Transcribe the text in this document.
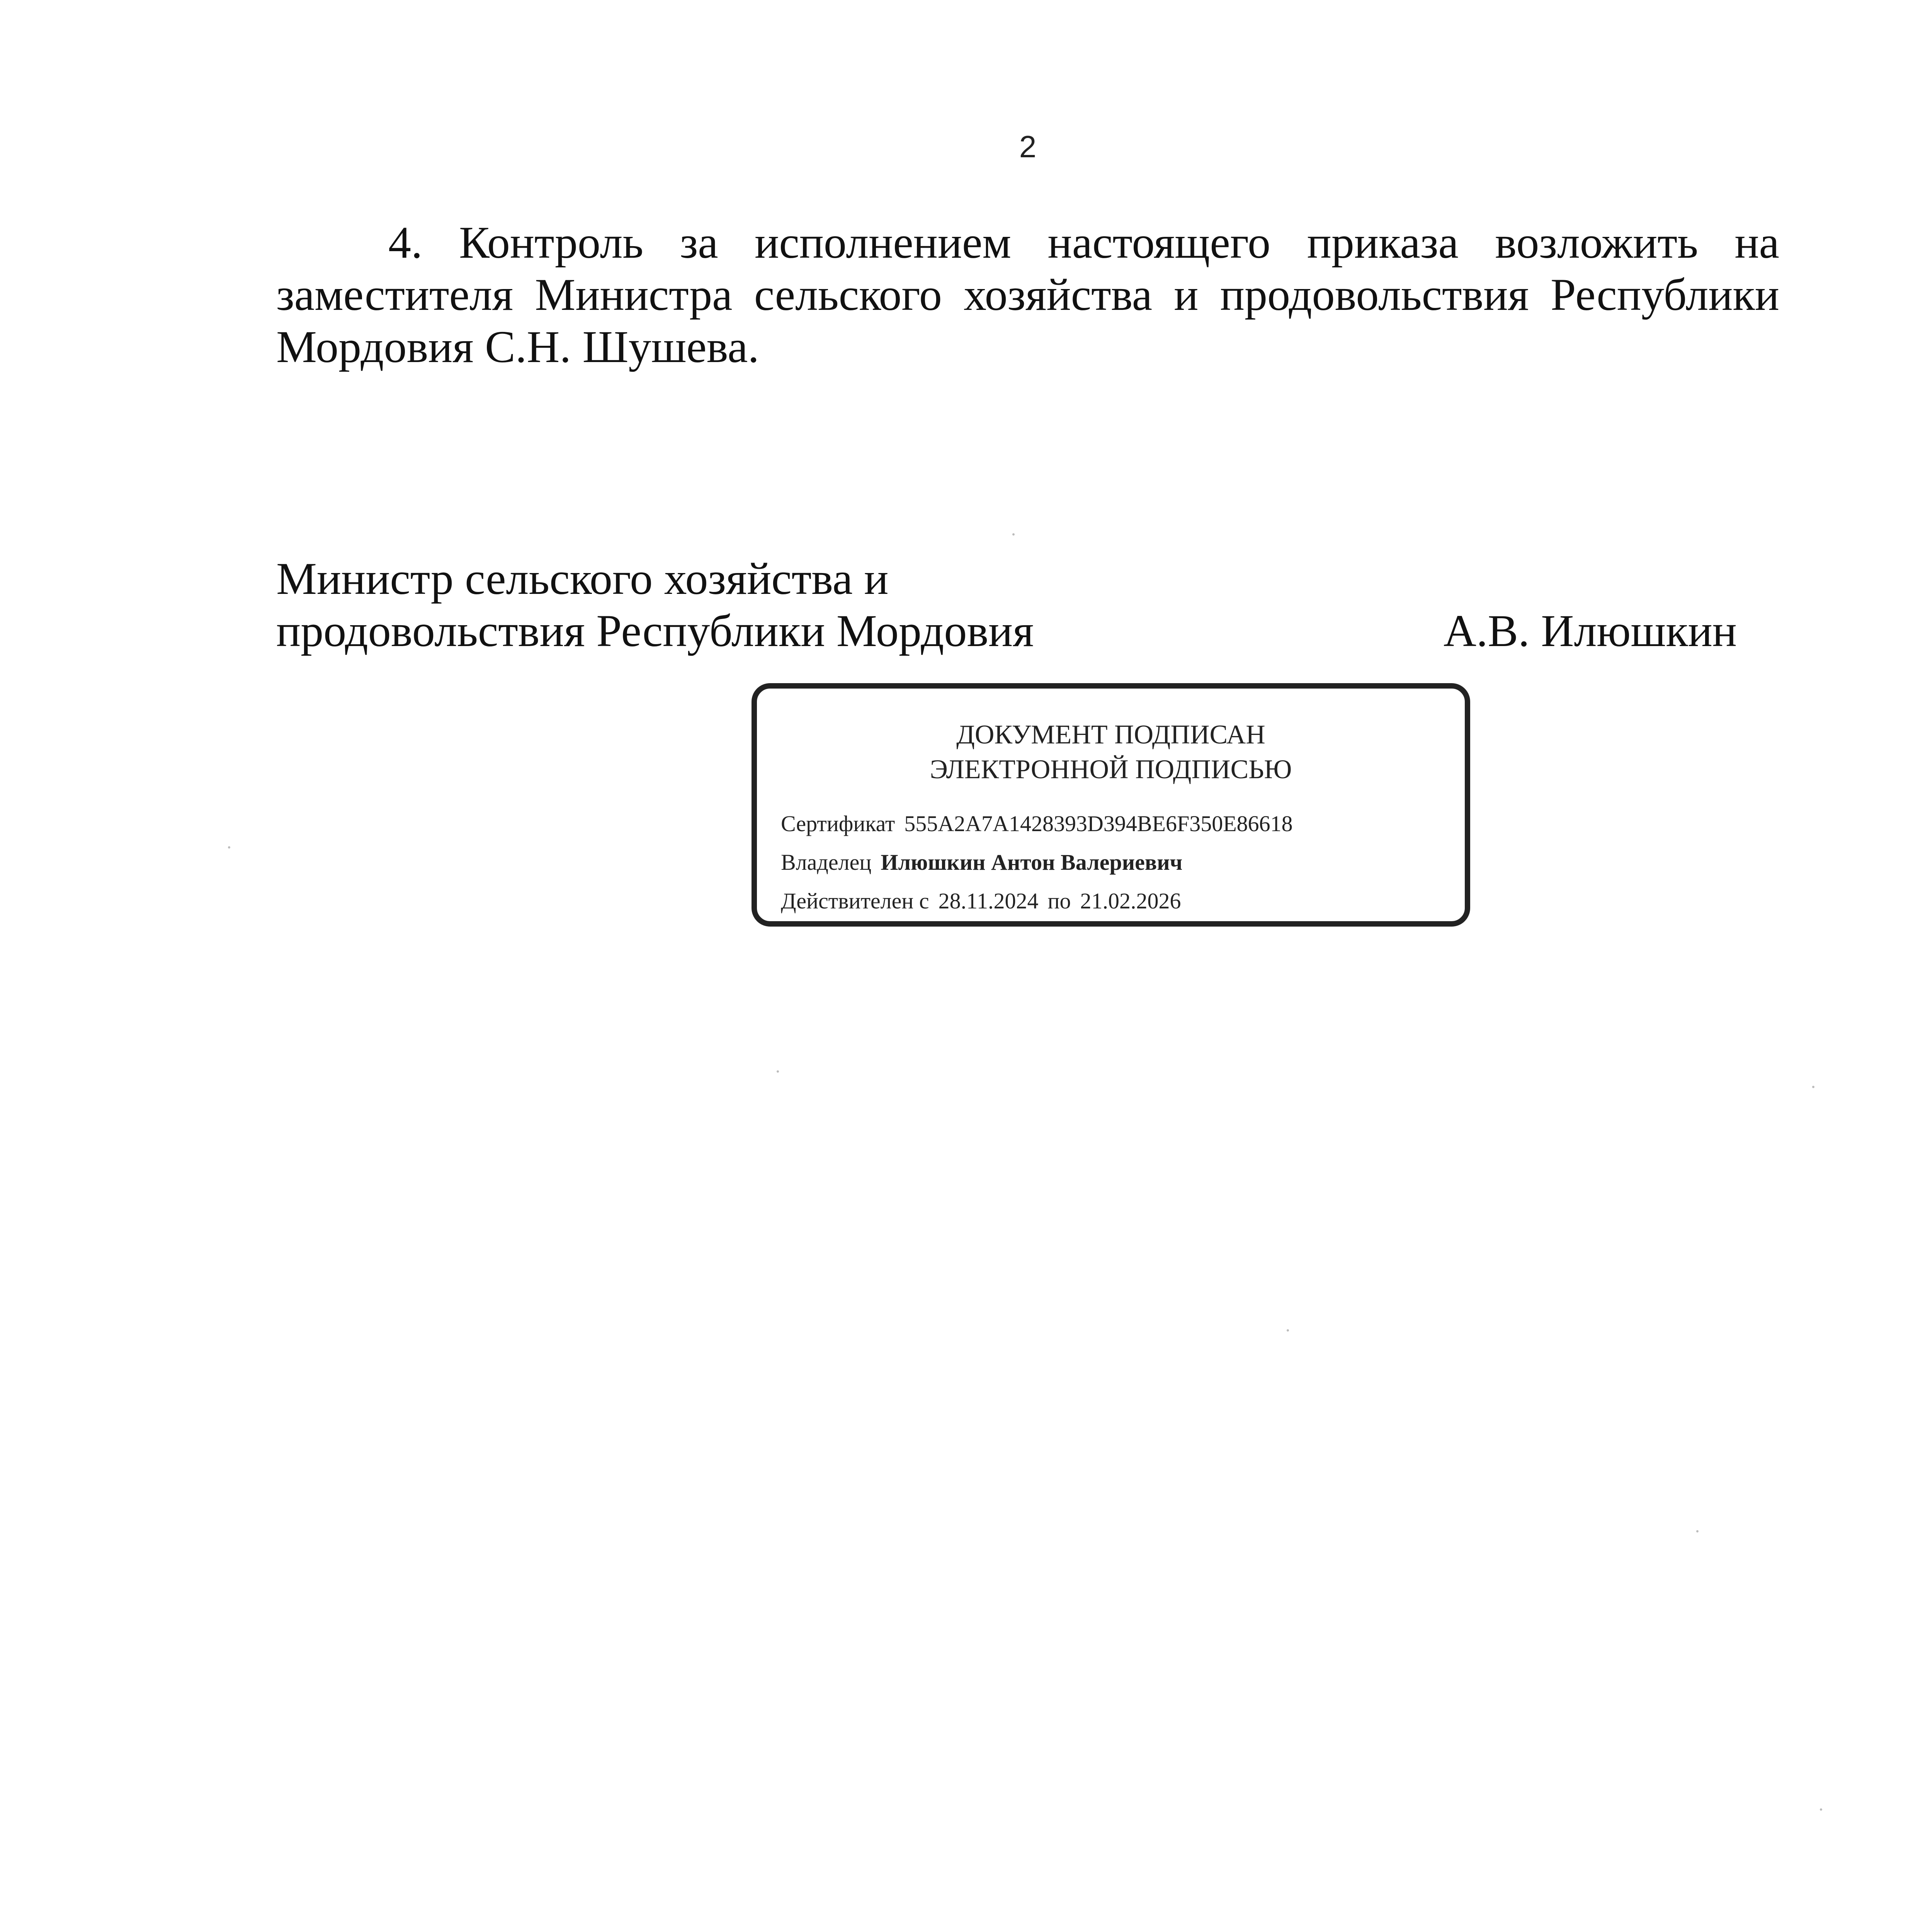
2

4. Контроль за исполнением настоящего приказа возложить на заместителя Министра сельского хозяйства и продовольствия Республики Мордовия С.Н. Шушева.

Министр сельского хозяйства и
продовольствия Республики Мордовия	А.В. Илюшкин
ДОКУМЕНТ ПОДПИСАН
ЭЛЕКТРОННОЙ ПОДПИСЬЮ
Сертификат 555A2A7A1428393D394BE6F350E86618
Владелец Илюшкин Антон Валериевич
Действителен с 28.11.2024 по 21.02.2026
